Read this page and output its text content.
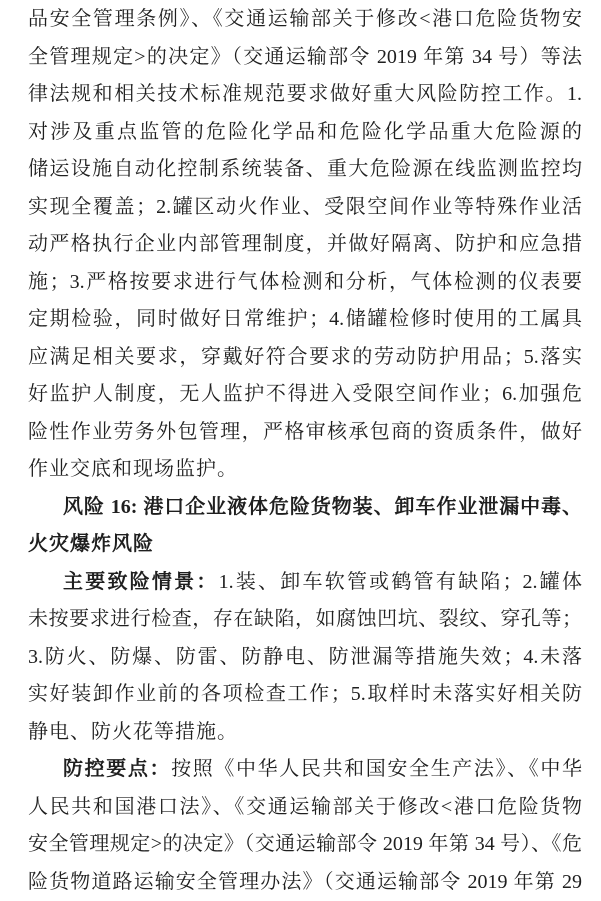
品安全管理条例》、《交通运输部关于修改<港口危险货物安
全管理规定>的决定》（交通运输部令 2019 年第 34 号）等法
律法规和相关技术标准规范要求做好重大风险防控工作。1.
对涉及重点监管的危险化学品和危险化学品重大危险源的
储运设施自动化控制系统装备、重大危险源在线监测监控均
实现全覆盖；2.罐区动火作业、受限空间作业等特殊作业活
动严格执行企业内部管理制度，并做好隔离、防护和应急措
施；3.严格按要求进行气体检测和分析，气体检测的仪表要
定期检验，同时做好日常维护；4.储罐检修时使用的工属具
应满足相关要求，穿戴好符合要求的劳动防护用品；5.落实
好监护人制度，无人监护不得进入受限空间作业；6.加强危
险性作业劳务外包管理，严格审核承包商的资质条件，做好
作业交底和现场监护。
风险 16: 港口企业液体危险货物装、卸车作业泄漏中毒、
火灾爆炸风险
主要致险情景：1.装、卸车软管或鹤管有缺陷；2.罐体
未按要求进行检查，存在缺陷，如腐蚀凹坑、裂纹、穿孔等；
3.防火、防爆、防雷、防静电、防泄漏等措施失效；4.未落
实好装卸作业前的各项检查工作；5.取样时未落实好相关防
静电、防火花等措施。
防控要点：按照《中华人民共和国安全生产法》、《中华
人民共和国港口法》、《交通运输部关于修改<港口危险货物
安全管理规定>的决定》（交通运输部令 2019 年第 34 号）、《危
险货物道路运输安全管理办法》（交通运输部令 2019 年第 29
